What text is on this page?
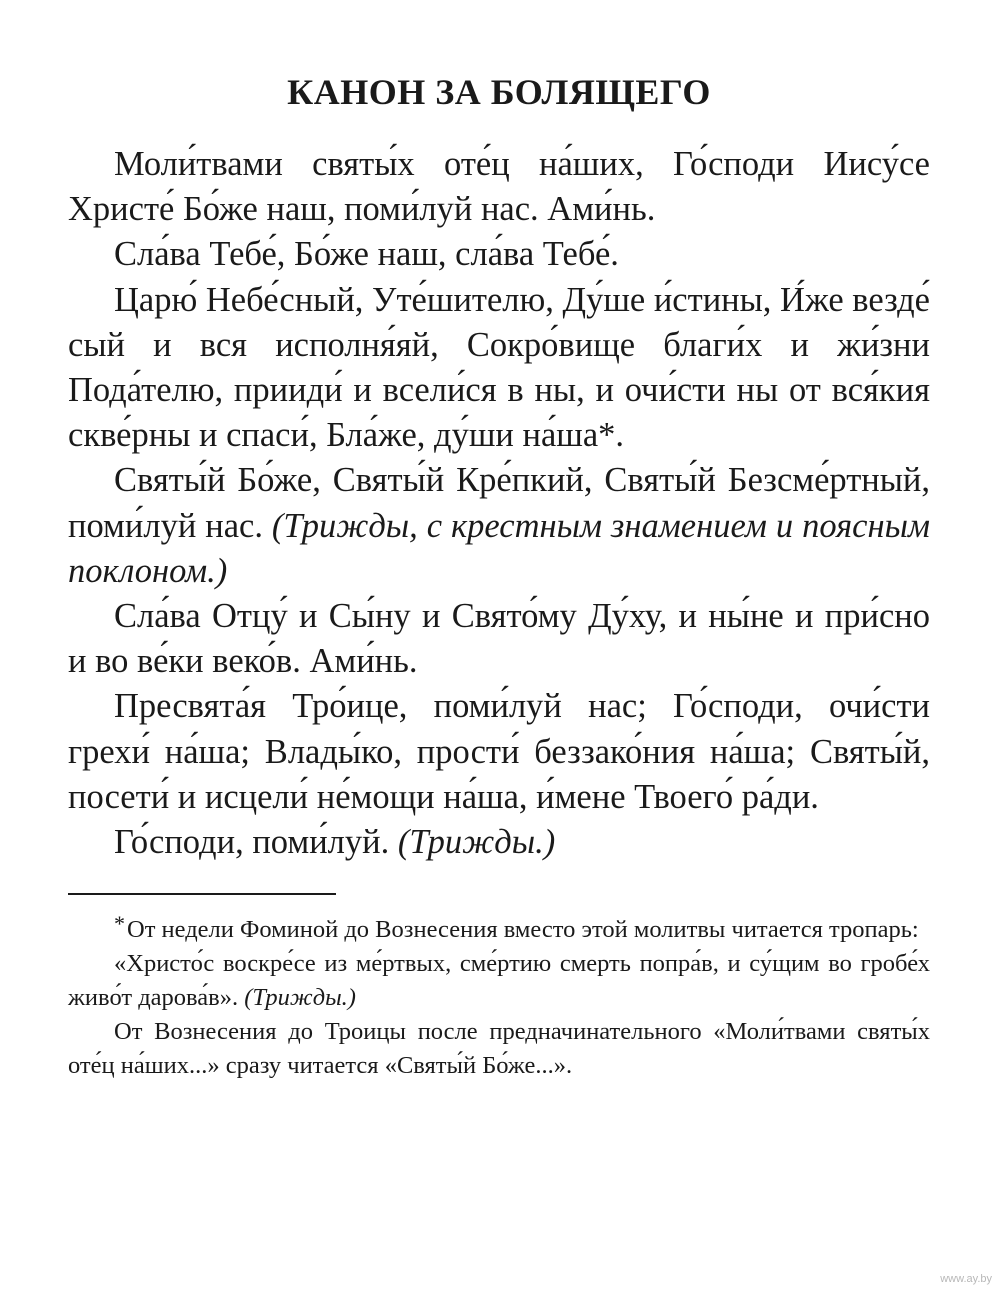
КАНОН ЗА БОЛЯЩЕГО

Моли́твами святы́х оте́ц на́ших, Го́споди Иису́се Христе́ Бо́же наш, поми́луй нас. Ами́нь.

Сла́ва Тебе́, Бо́же наш, сла́ва Тебе́.

Царю́ Небе́сный, Уте́шителю, Ду́ше и́стины, И́же везде́ сый и вся исполня́яй, Сокро́вище благи́х и жи́зни Пода́телю, прииди́ и всели́ся в ны, и очи́сти ны от вся́кия скве́рны и спаси́, Бла́же, ду́ши на́ша*.

Святы́й Бо́же, Святы́й Кре́пкий, Святы́й Безсме́ртный, поми́луй нас. (Трижды, с крестным знамением и поясным поклоном.)

Сла́ва Отцу́ и Сы́ну и Свято́му Ду́ху, и ны́не и при́сно и во ве́ки веко́в. Ами́нь.

Пресвята́я Тро́ице, поми́луй нас; Го́споди, очи́сти грехи́ на́ша; Влады́ко, прости́ беззако́ния на́ша; Святы́й, посети́ и исцели́ не́мощи на́ша, и́мене Твоего́ ра́ди.

Го́споди, поми́луй. (Трижды.)

*От недели Фоминой до Вознесения вместо этой молитвы читается тропарь:

«Христо́с воскре́се из ме́ртвых, сме́ртию смерть попра́в, и су́щим во гробе́х живо́т дарова́в». (Трижды.)

От Вознесения до Троицы после предначинательного «Моли́твами святы́х оте́ц на́ших...» сразу читается «Святы́й Бо́же...».

www.ay.by
